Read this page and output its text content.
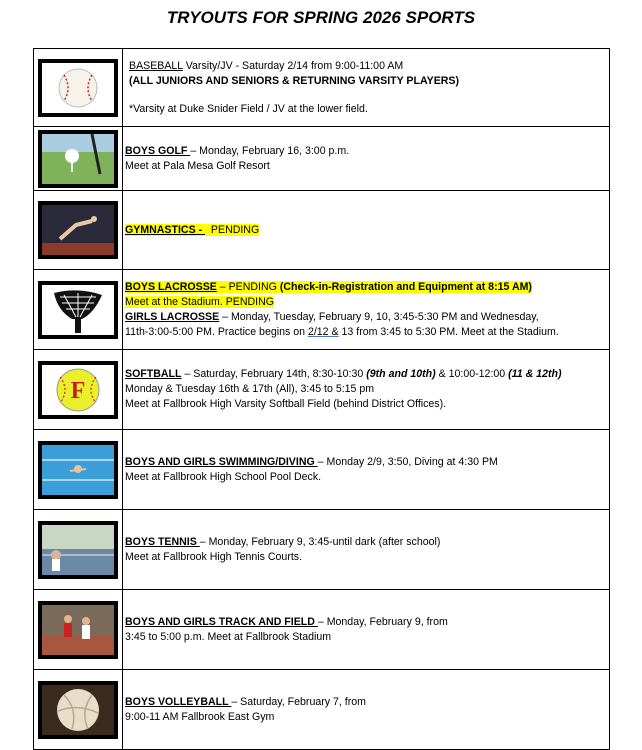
TRYOUTS FOR SPRING 2026 SPORTS

BASEBALL Varsity/JV - Saturday 2/14 from 9:00-11:00 AM
(ALL JUNIORS AND SENIORS & RETURNING VARSITY PLAYERS)
*Varsity at Duke Snider Field / JV at the lower field.

BOYS GOLF – Monday, February 16, 3:00 p.m.
Meet at Pala Mesa Golf Resort

GYMNASTICS -   PENDING

BOYS LACROSSE – PENDING (Check-in-Registration and Equipment at 8:15 AM)
Meet at the Stadium. PENDING
GIRLS LACROSSE – Monday, Tuesday, February 9, 10, 3:45-5:30 PM and Wednesday,
11th-3:00-5:00 PM. Practice begins on 2/12 & 13 from 3:45 to 5:30 PM. Meet at the Stadium.

F	SOFTBALL – Saturday, February 14th, 8:30-10:30 (9th and 10th) & 10:00-12:00 (11 & 12th)
Monday & Tuesday 16th & 17th (All), 3:45 to 5:15 pm
Meet at Fallbrook High Varsity Softball Field (behind District Offices).

BOYS AND GIRLS SWIMMING/DIVING – Monday 2/9, 3:50, Diving at 4:30 PM
Meet at Fallbrook High School Pool Deck.

BOYS TENNIS – Monday, February 9, 3:45-until dark (after school)
Meet at Fallbrook High Tennis Courts.

BOYS AND GIRLS TRACK AND FIELD – Monday, February 9, from
3:45 to 5:00 p.m. Meet at Fallbrook Stadium

BOYS VOLLEYBALL – Saturday, February 7, from
9:00-11 AM Fallbrook East Gym
